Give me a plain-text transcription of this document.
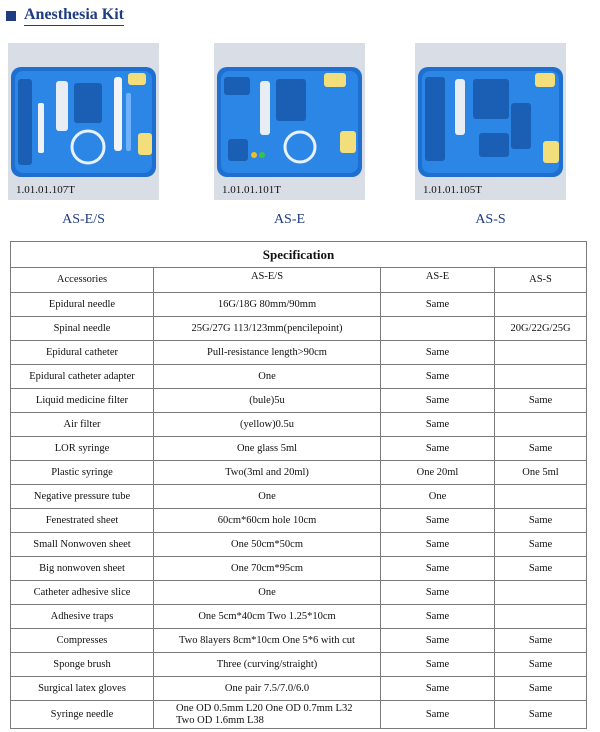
Anesthesia Kit
1.01.01.107T
AS-E/S
1.01.01.101T
AS-E
1.01.01.105T
AS-S
Specification			
Accessories	AS-E/S	AS-E	AS-S
Epidural needle	16G/18G 80mm/90mm	Same	
Spinal needle	25G/27G 113/123mm(pencilepoint)		20G/22G/25G
Epidural catheter	Pull-resistance length>90cm	Same	
Epidural catheter adapter	One	Same	
Liquid medicine filter	(bule)5u	Same	Same
Air filter	(yellow)0.5u	Same	
LOR syringe	One glass 5ml	Same	Same
Plastic syringe	Two(3ml and 20ml)	One 20ml	One 5ml
Negative pressure tube	One	One	
Fenestrated sheet	60cm*60cm hole 10cm	Same	Same
Small Nonwoven sheet	One 50cm*50cm	Same	Same
Big nonwoven sheet	One 70cm*95cm	Same	Same
Catheter adhesive slice	One	Same	
Adhesive traps	One 5cm*40cm Two 1.25*10cm	Same	
Compresses	Two 8layers 8cm*10cm One 5*6 with cut	Same	Same
Sponge brush	Three (curving/straight)	Same	Same
Surgical latex gloves	One pair 7.5/7.0/6.0	Same	Same
Syringe needle	One OD 0.5mm L20 One OD 0.7mm L32
Two OD 1.6mm L38	Same	Same
